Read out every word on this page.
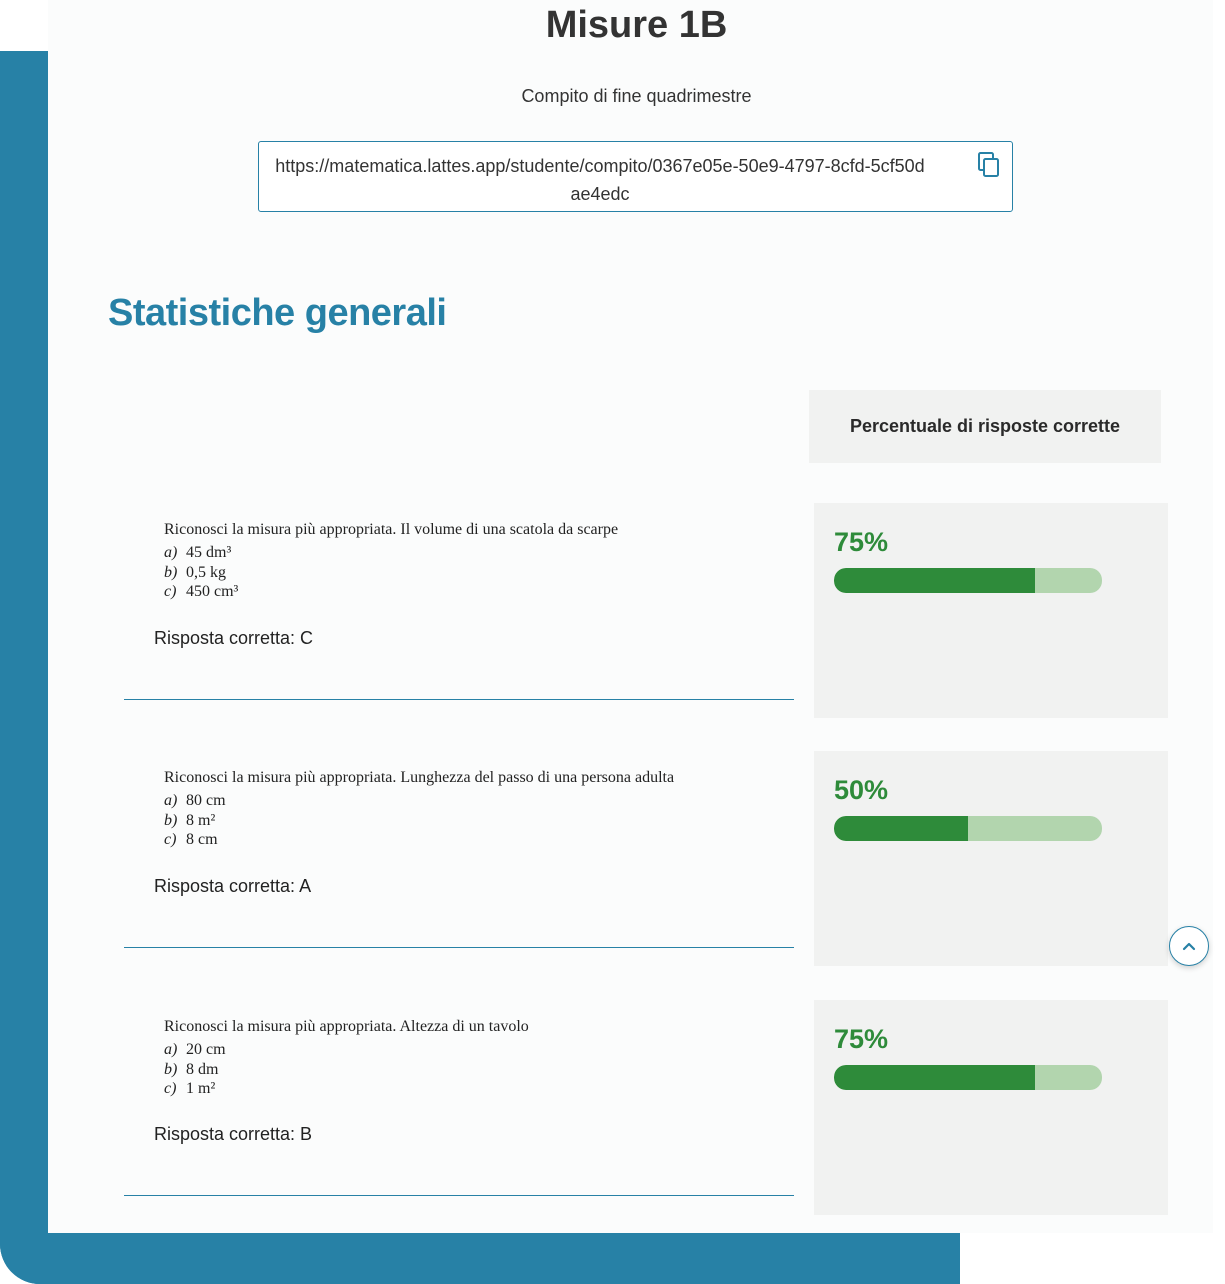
Misure 1B
Compito di fine quadrimestre
https://matematica.lattes.app/studente/compito/0367e05e-50e9-4797-8cfd-5cf50dae4edc
Statistiche generali
Percentuale di risposte corrette

Riconosci la misura più appropriata. Il volume di una scatola da scarpe

a) 45 dm³

b) 0,5 kg

c) 450 cm³

Risposta corretta: C
75%

Riconosci la misura più appropriata. Lunghezza del passo di una persona adulta

a) 80 cm

b) 8 m²

c) 8 cm

Risposta corretta: A
50%

Riconosci la misura più appropriata. Altezza di un tavolo

a) 20 cm

b) 8 dm

c) 1 m²

Risposta corretta: B
75%
